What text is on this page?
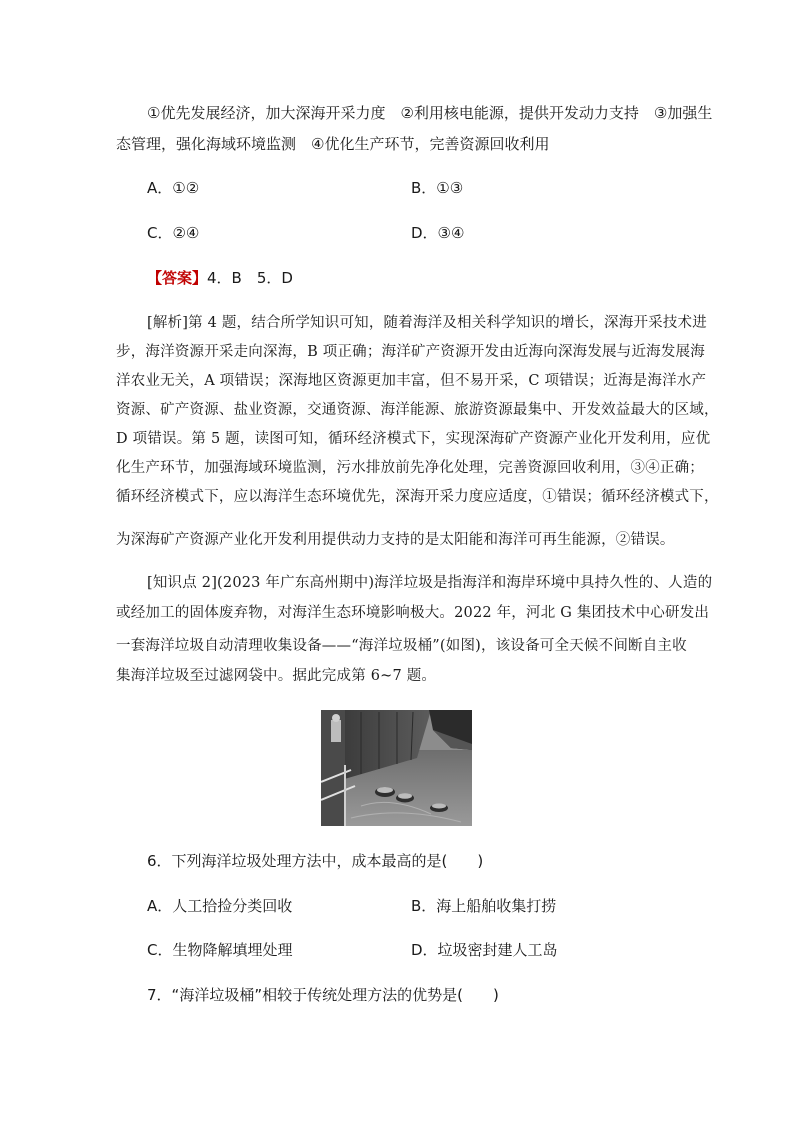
①优先发展经济，加大深海开采力度　②利用核电能源，提供开发动力支持　③加强生
态管理，强化海域环境监测　④优化生产环节，完善资源回收利用
A．①②	B．①③
C．②④	D．③④
【答案】4．B　5．D
[解析]第 4 题，结合所学知识可知，随着海洋及相关科学知识的增长，深海开采技术进
步，海洋资源开采走向深海，B 项正确；海洋矿产资源开发由近海向深海发展与近海发展海
洋农业无关，A 项错误；深海地区资源更加丰富，但不易开采，C 项错误；近海是海洋水产
资源、矿产资源、盐业资源，交通资源、海洋能源、旅游资源最集中、开发效益最大的区域，
D 项错误。第 5 题，读图可知，循环经济模式下，实现深海矿产资源产业化开发利用，应优
化生产环节，加强海域环境监测，污水排放前先净化处理，完善资源回收利用，③④正确；
循环经济模式下，应以海洋生态环境优先，深海开采力度应适度，①错误；循环经济模式下，
为深海矿产资源产业化开发利用提供动力支持的是太阳能和海洋可再生能源，②错误。
[知识点 2](2023 年广东高州期中)海洋垃圾是指海洋和海岸环境中具持久性的、人造的
或经加工的固体废弃物，对海洋生态环境影响极大。2022 年，河北 G 集团技术中心研发出
一套海洋垃圾自动清理收集设备——“海洋垃圾桶”(如图)，该设备可全天候不间断自主收
集海洋垃圾至过滤网袋中。据此完成第 6~7 题。
6．下列海洋垃圾处理方法中，成本最高的是(　　)
A．人工拾捡分类回收	B．海上船舶收集打捞
C．生物降解填埋处理	D．垃圾密封建人工岛
7．“海洋垃圾桶”相较于传统处理方法的优势是(　　)
